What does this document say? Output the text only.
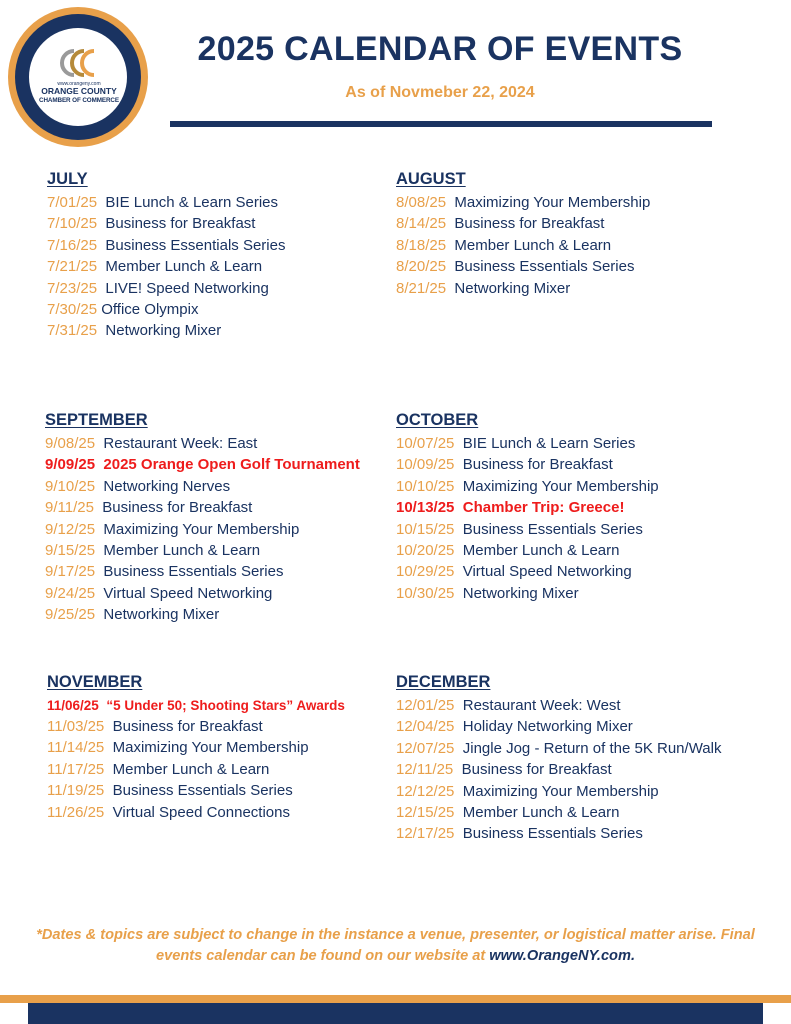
www.orangeny.com
ORANGE COUNTY
CHAMBER OF COMMERCE
2025 CALENDAR OF EVENTS
As of Novmeber 22, 2024
JULY
7/01/25 BIE Lunch & Learn Series
7/10/25 Business for Breakfast
7/16/25 Business Essentials Series
7/21/25 Member Lunch & Learn
7/23/25 LIVE! Speed Networking
7/30/25 Office Olympix
7/31/25 Networking Mixer
AUGUST
8/08/25 Maximizing Your Membership
8/14/25 Business for Breakfast
8/18/25 Member Lunch & Learn
8/20/25 Business Essentials Series
8/21/25 Networking Mixer
SEPTEMBER
9/08/25 Restaurant Week: East
9/09/25 2025 Orange Open Golf Tournament
9/10/25 Networking Nerves
9/11/25 Business for Breakfast
9/12/25 Maximizing Your Membership
9/15/25 Member Lunch & Learn
9/17/25 Business Essentials Series
9/24/25 Virtual Speed Networking
9/25/25 Networking Mixer
OCTOBER
10/07/25 BIE Lunch & Learn Series
10/09/25 Business for Breakfast
10/10/25 Maximizing Your Membership
10/13/25 Chamber Trip: Greece!
10/15/25 Business Essentials Series
10/20/25 Member Lunch & Learn
10/29/25 Virtual Speed Networking
10/30/25 Networking Mixer
NOVEMBER
11/06/25 “5 Under 50; Shooting Stars” Awards
11/03/25 Business for Breakfast
11/14/25 Maximizing Your Membership
11/17/25 Member Lunch & Learn
11/19/25 Business Essentials Series
11/26/25 Virtual Speed Connections
DECEMBER
12/01/25 Restaurant Week: West
12/04/25 Holiday Networking Mixer
12/07/25 Jingle Jog - Return of the 5K Run/Walk
12/11/25 Business for Breakfast
12/12/25 Maximizing Your Membership
12/15/25 Member Lunch & Learn
12/17/25 Business Essentials Series
*Dates & topics are subject to change in the instance a venue, presenter, or logistical matter arise. Final events calendar can be found on our website at www.OrangeNY.com.
